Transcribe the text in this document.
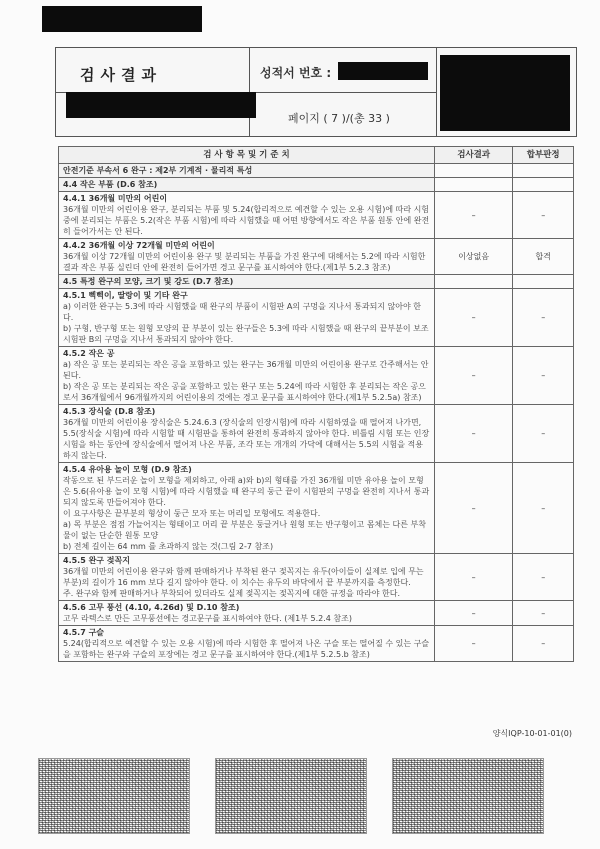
검사결과	성적서 번호 :
페이지 ( 7 )/(총 33 )
검 사 항 목 및 기 준 치	검사결과	합부판정
안전기준 부속서 6 완구 : 제2부 기계적 · 물리적 특성		
4.4 작은 부품 (D.6 참조)		

4.4.1 36개월 미만의 어린이
36개월 미만의 어린이용 완구, 분리되는 부품 및 5.24(합리적으로 예견할 수 있는 오용 시험)에 따라 시험 중에 분리되는 부품은 5.2(작은 부품 시험)에 따라 시험했을 때 어떤 방향에서도 작은 부품 원통 안에 완전히 들어가서는 안 된다.	–	–

4.4.2 36개월 이상 72개월 미만의 어린이
36개월 이상 72개월 미만의 어린이용 완구 및 분리되는 부품을 가진 완구에 대해서는 5.2에 따라 시험한 결과 작은 부품 실린더 안에 완전히 들어가면 경고 문구를 표시하여야 한다.(제1부 5.2.3 참조)	이상없음	합격
4.5 특정 완구의 모양, 크기 및 강도 (D.7 참조)		

4.5.1 삑삑이, 딸랑이 및 기타 완구
a) 이러한 완구는 5.3에 따라 시험했을 때 완구의 부품이 시험판 A의 구멍을 지나서 통과되지 않아야 한다.
b) 구형, 반구형 또는 원형 모양의 끝 부분이 있는 완구들은 5.3에 따라 시험했을 때 완구의 끝부분이 보조 시험판 B의 구멍을 지나서 통과되지 않아야 한다.	–	–

4.5.2 작은 공
a) 작은 공 또는 분리되는 작은 공을 포함하고 있는 완구는 36개월 미만의 어린이용 완구로 간주해서는 안 된다.
b) 작은 공 또는 분리되는 작은 공을 포함하고 있는 완구 또는 5.24에 따라 시험한 후 분리되는 작은 공으로서 36개월에서 96개월까지의 어린이용의 것에는 경고 문구를 표시하여야 한다.(제1부 5.2.5a) 참조)	–	–

4.5.3 장식술 (D.8 참조)
36개월 미만의 어린이용 장식술은 5.24.6.3 (장식술의 인장시험)에 따라 시험하였을 때 떨어져 나가면, 5.5(장식술 시험)에 따라 시험할 때 시험판을 통하여 완전히 통과하지 않아야 한다. 비틀림 시험 또는 인장 시험을 하는 동안에 장식술에서 떨어져 나온 부품, 조각 또는 개개의 가닥에 대해서는 5.5의 시험을 적용하지 않는다.	–	–

4.5.4 유아용 놀이 모형 (D.9 참조)
작동으로 된 부드러운 놀이 모형을 제외하고, 아래 a)와 b)의 형태를 가진 36개월 미만 유아용 놀이 모형은 5.6(유아용 놀이 모형 시험)에 따라 시험했을 때 완구의 둥근 끝이 시험판의 구멍을 완전히 지나서 통과되지 않도록 만들어져야 한다.
이 요구사항은 끝부분의 형상이 둥근 모자 또는 머리일 모형에도 적용한다.
a) 목 부분은 점점 가늘어지는 형태이고 머리 끝 부분은 둥글거나 원형 또는 반구형이고 몸체는 다른 부착물이 없는 단순한 원통 모양
b) 전체 길이는 64 mm 를 초과하지 않는 것(그림 2-7 참조)	–	–

4.5.5 완구 젖꼭지
36개월 미만의 어린이용 완구와 함께 판매하거나 부착된 완구 젖꼭지는 유두(아이들이 실제로 입에 무는 부분)의 길이가 16 mm 보다 길지 않아야 한다. 이 치수는 유두의 바닥에서 끝 부분까지를 측정한다.
주. 완구와 함께 판매하거나 부착되어 있더라도 실제 젖꼭지는 젖꼭지에 대한 규정을 따라야 한다.	–	–

4.5.6 고무 풍선 (4.10, 4.26d) 및 D.10 참조)
고무 라텍스로 만든 고무풍선에는 경고문구를 표시하여야 한다. (제1부 5.2.4 참조)	–	–

4.5.7 구슬
5.24(합리적으로 예견할 수 있는 오용 시험)에 따라 시험한 후 떨어져 나온 구슬 또는 떨어질 수 있는 구슬을 포함하는 완구와 구슬의 포장에는 경고 문구를 표시하여야 한다.(제1부 5.2.5.b 참조)	–	–
양식IQP-10-01-01(0)
